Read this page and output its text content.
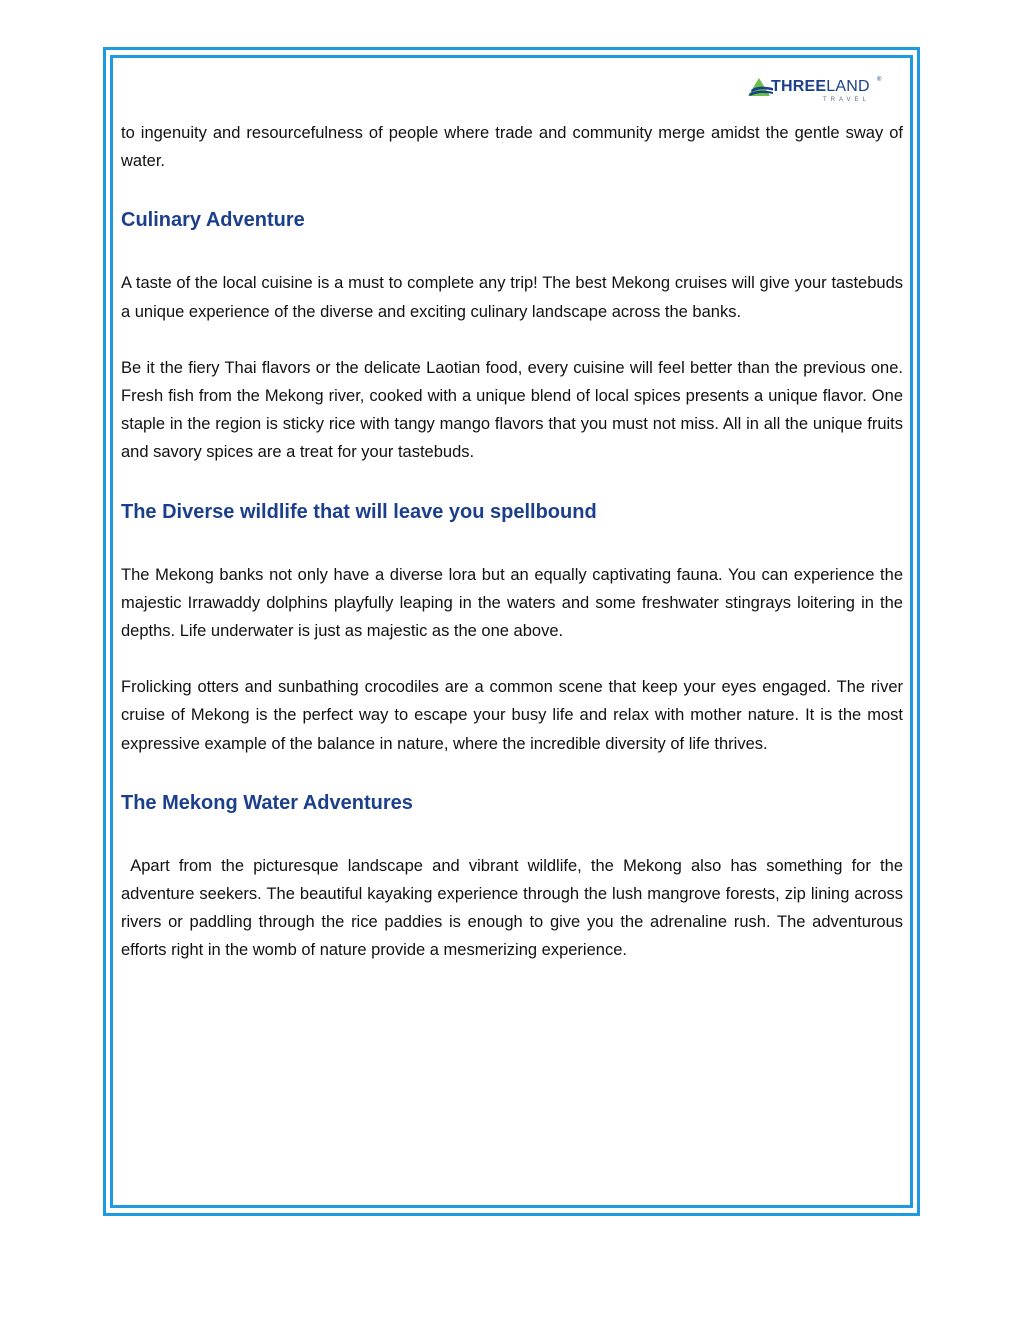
THREELAND ®
TRAVEL

to ingenuity and resourcefulness of people where trade and community merge amidst the gentle sway of water.

Culinary Adventure

A taste of the local cuisine is a must to complete any trip! The best Mekong cruises will give your tastebuds a unique experience of the diverse and exciting culinary landscape across the banks.

Be it the fiery Thai flavors or the delicate Laotian food, every cuisine will feel better than the previous one. Fresh fish from the Mekong river, cooked with a unique blend of local spices presents a unique flavor. One staple in the region is sticky rice with tangy mango flavors that you must not miss. All in all the unique fruits and savory spices are a treat for your tastebuds.

The Diverse wildlife that will leave you spellbound

The Mekong banks not only have a diverse lora but an equally captivating fauna. You can experience the majestic Irrawaddy dolphins playfully leaping in the waters and some freshwater stingrays loitering in the depths. Life underwater is just as majestic as the one above.

Frolicking otters and sunbathing crocodiles are a common scene that keep your eyes engaged. The river cruise of Mekong is the perfect way to escape your busy life and relax with mother nature. It is the most expressive example of the balance in nature, where the incredible diversity of life thrives.

The Mekong Water Adventures

Apart from the picturesque landscape and vibrant wildlife, the Mekong also has something for the adventure seekers. The beautiful kayaking experience through the lush mangrove forests, zip lining across rivers or paddling through the rice paddies is enough to give you the adrenaline rush. The adventurous efforts right in the womb of nature provide a mesmerizing experience.
